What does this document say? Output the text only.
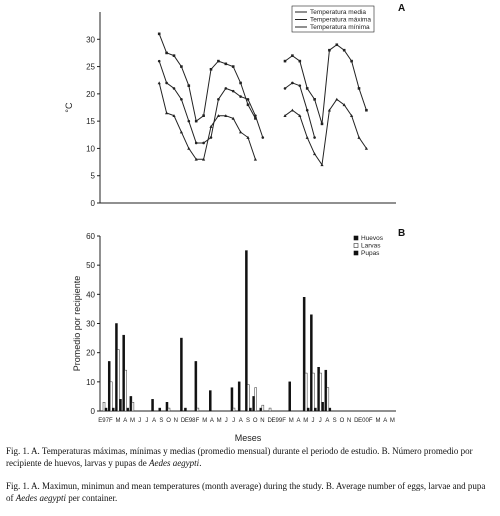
0
5
10
15
20
25
30
°C
A
Temperatura media
Temperatura máxima
Temperatura mínima
0
10
20
30
40
50
60
E97 F M A M J J A S O N D E98 F M A M J J A S O N D E99 F M A M J J A S O N D E00 F M A M
Meses
Promedio por recipiente
B
Huevos
Larvas
Pupas

Fig. 1. A. Temperaturas máximas, mínimas y medias (promedio mensual) durante el periodo de estudio. B. Número promedio por recipiente de huevos, larvas y pupas de Aedes aegypti.

Fig. 1. A. Maximun, minimun and mean temperatures (month average) during the study. B. Average number of eggs, larvae and pupa of Aedes aegypti per container.
